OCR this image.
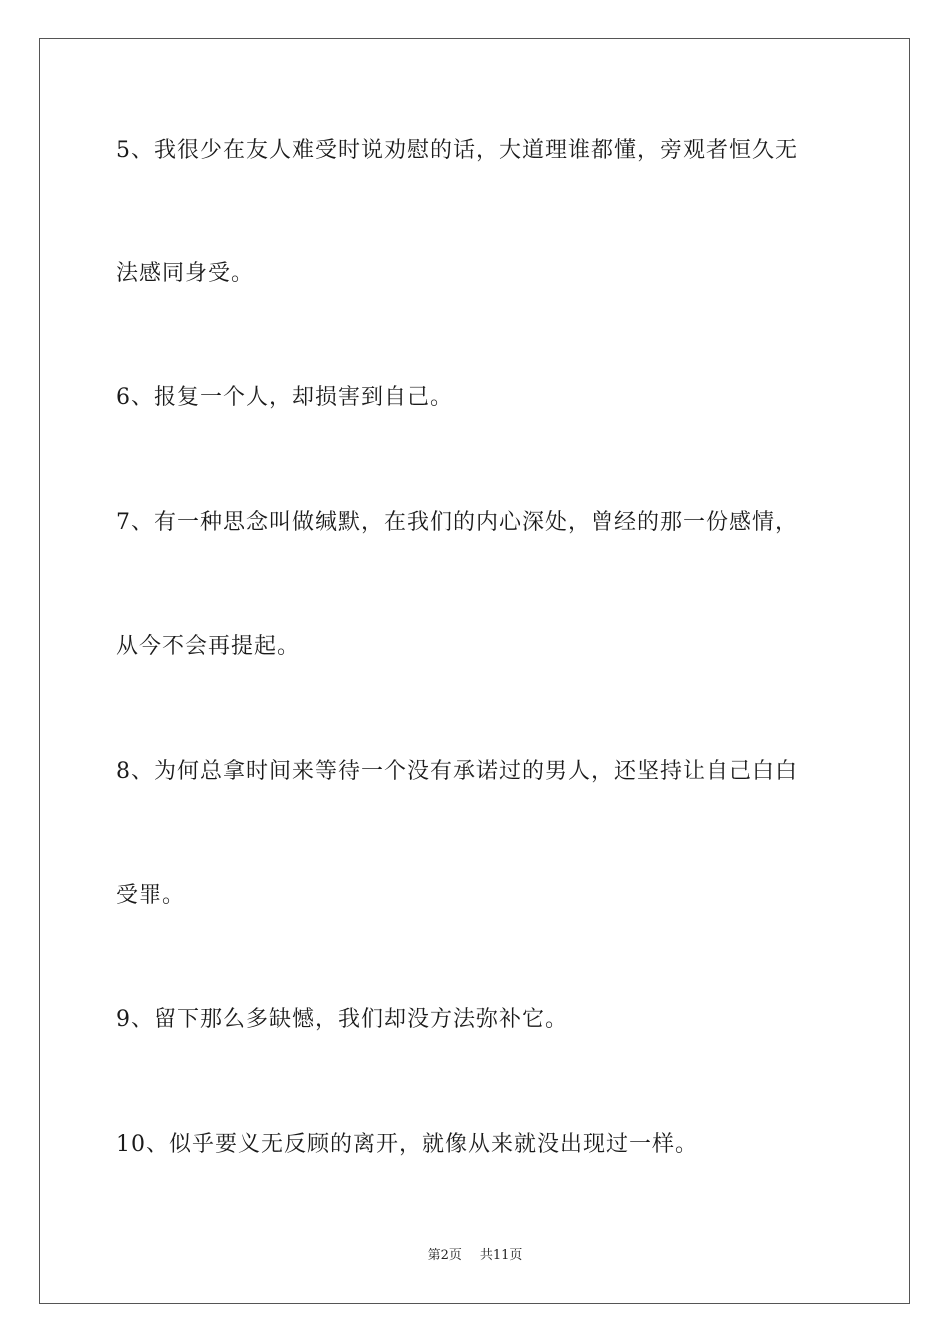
5、我很少在友人难受时说劝慰的话，大道理谁都懂，旁观者恒久无

法感同身受。

6、报复一个人，却损害到自己。

7、有一种思念叫做缄默，在我们的内心深处，曾经的那一份感情，

从今不会再提起。

8、为何总拿时间来等待一个没有承诺过的男人，还坚持让自己白白

受罪。

9、留下那么多缺憾，我们却没方法弥补它。

10、似乎要义无反顾的离开，就像从来就没出现过一样。

第2页 共11页
